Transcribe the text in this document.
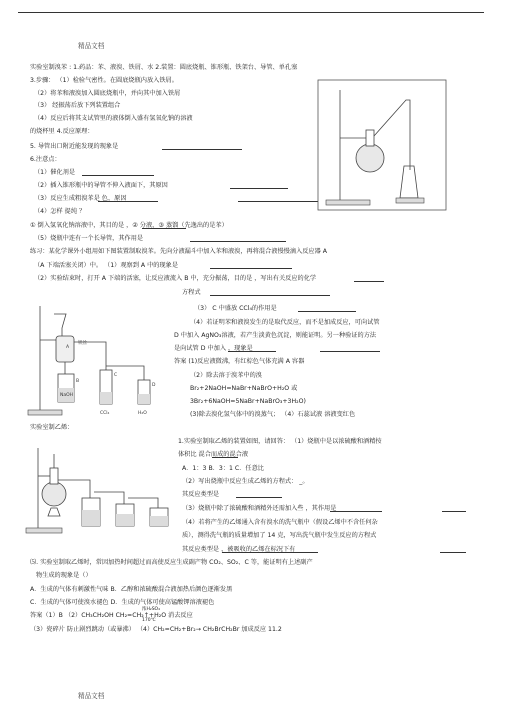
精品文档
精品文档
实验室制溴苯 : 1.药品：苯、液溴、铁屑、水 2.装置：圆底烧瓶、锥形瓶、铁架台、导管、单孔塞
3.步骤： （1）检验气密性。在圆底烧瓶内放入铁屑。
（2）将苯和液溴加入圆底烧瓶中，并向其中加入铁屑
（3） 经振荡后放下列装置组合
（4）反应后将其支试管里的液体倒入盛有氢氧化钠的溶液
的烧杯里 4.反应原理：
5. 导管出口附近能发现的现象是
6.注意点：
（1）催化剂是
（2）插入锥形瓶中的导管不伸入液面下，其原因
（3）反应生成粗溴苯是 色，原因
（4）怎样 提纯 ？
① 倒入氢氧化钠溶液中，其目的是 ，② 分液，③ 蒸馏（先逸出的是苯）
（5）烧瓶中连有一个长导管，其作用是
练习：某化学课外小组用如下图装置制取溴苯。先向分液漏斗中加入苯和液溴，再将混合液慢慢滴入反应器 A
（A 下端活塞关闭）中。 （1）观察到 A 中的现象是
（2）实验结束时，打开 A 下端的活塞，让反应液流入 B 中，充分振荡，目的是 ，写出有关反应的化学
方程式
（3） C 中盛放 CCl₄的作用是
（4）若证明苯和液溴发生的是取代反应，而不是加成反应，可向试管
D 中加入 AgNO₃溶液，若产生淡黄色沉淀，则能证明。另一种验证的方法
是向试管 D 中加入 ，现象是
答案 (1)反应液微沸，有红棕色气体充满 A 容器
（2）除去溶于溴苯中的溴
Br₂+2NaOH=NaBr+NaBrO+H₂O 或
3Br₂+6NaOH=5NaBr+NaBrO₃+3H₂O)
(3)除去溴化氢气体中的溴蒸气； （4）石蕊试液 溶液变红色
实验室制乙烯：
1.实验室制取乙烯的装置如图，请回答： （1）烧瓶中是以浓硫酸和酒精按
体积比 混合而成的混合液
A．1：3 B．3：1 C．任意比
（2）写出烧瓶中反应生成乙烯的方程式： _。
其反应类型是
（3）烧瓶中除了浓硫酸和酒精外还需加入些 ，其作用是
（4）若将产生的乙烯通入含有溴水的洗气瓶中（假设乙烯中不含任何杂
质），测得洗气瓶的质量增加了 14 克，写出洗气瓶中发生反应的方程式
其反应类型是 ，被吸收的乙烯在标况下有
⑸. 实验室制取乙烯时，常因加热时间超过而高使反应生成副产物 CO₂、SO₂、C 等，能证明有上述副产
物生成的现象是（）
A．生成的气体有刺激性气味 B．乙醇和浓硫酸混合液加热后颜色逐渐发黑
C．生成的气体可使溴水褪色 D．生成的气体可使高锰酸钾溶液褪色
答案（1）B （2）CH₃CH₂OH CH₂=CH₂↑+H₂O 消去反应
浓H₂SO₄
170℃
（3）瓷碎片 防止剧烈跳动（或暴沸） （4）CH₂=CH₂+Br₂→ CH₂BrCH₂Br 加成反应 11.2
A
铁丝
NaOH
B
CCl₄
C
H₂O
D
